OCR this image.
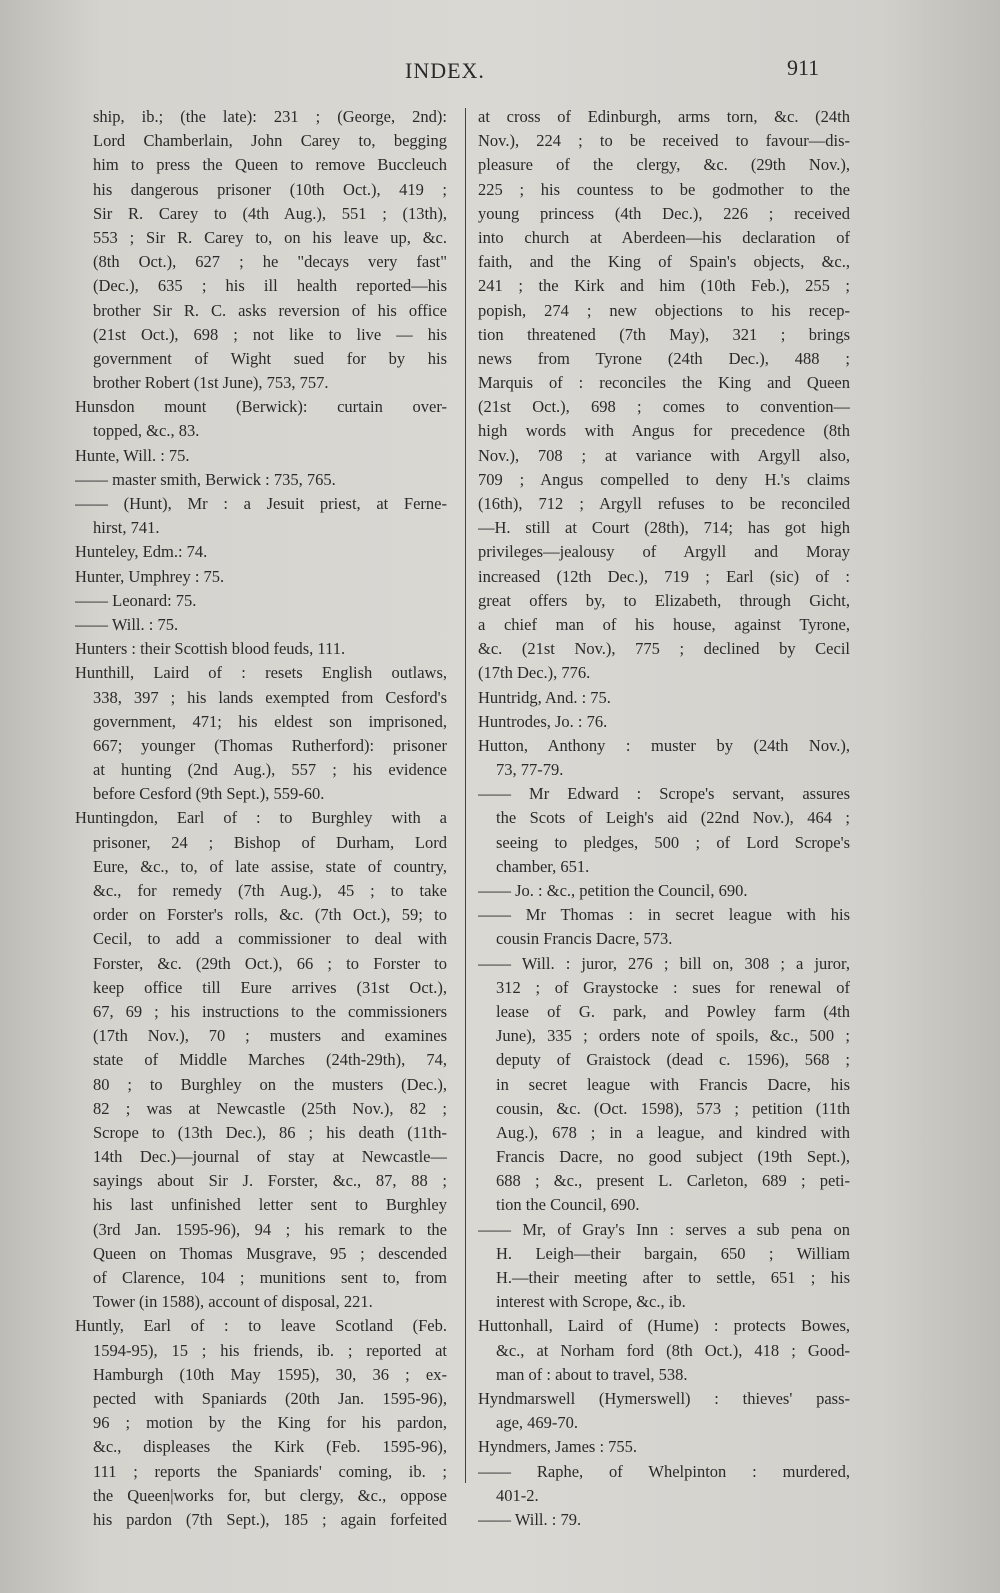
INDEX.	911
ship, ib.; (the late): 231 ; (George, 2nd):
Lord Chamberlain, John Carey to, begging
him to press the Queen to remove Buccleuch
his dangerous prisoner (10th Oct.), 419 ;
Sir R. Carey to (4th Aug.), 551 ; (13th),
553 ; Sir R. Carey to, on his leave up, &c.
(8th Oct.), 627 ; he "decays very fast"
(Dec.), 635 ; his ill health reported—his
brother Sir R. C. asks reversion of his office
(21st Oct.), 698 ; not like to live — his
government of Wight sued for by his
brother Robert (1st June), 753, 757.
Hunsdon mount (Berwick): curtain over-
topped, &c., 83.
Hunte, Will. : 75.
—— master smith, Berwick : 735, 765.
—— (Hunt), Mr : a Jesuit priest, at Ferne-
hirst, 741.
Hunteley, Edm.: 74.
Hunter, Umphrey : 75.
—— Leonard: 75.
—— Will. : 75.
Hunters : their Scottish blood feuds, 111.
Hunthill, Laird of : resets English outlaws,
338, 397 ; his lands exempted from Cesford's
government, 471; his eldest son imprisoned,
667; younger (Thomas Rutherford): prisoner
at hunting (2nd Aug.), 557 ; his evidence
before Cesford (9th Sept.), 559-60.
Huntingdon, Earl of : to Burghley with a
prisoner, 24 ; Bishop of Durham, Lord
Eure, &c., to, of late assise, state of country,
&c., for remedy (7th Aug.), 45 ; to take
order on Forster's rolls, &c. (7th Oct.), 59; to
Cecil, to add a commissioner to deal with
Forster, &c. (29th Oct.), 66 ; to Forster to
keep office till Eure arrives (31st Oct.),
67, 69 ; his instructions to the commissioners
(17th Nov.), 70 ; musters and examines
state of Middle Marches (24th-29th), 74,
80 ; to Burghley on the musters (Dec.),
82 ; was at Newcastle (25th Nov.), 82 ;
Scrope to (13th Dec.), 86 ; his death (11th-
14th Dec.)—journal of stay at Newcastle—
sayings about Sir J. Forster, &c., 87, 88 ;
his last unfinished letter sent to Burghley
(3rd Jan. 1595-96), 94 ; his remark to the
Queen on Thomas Musgrave, 95 ; descended
of Clarence, 104 ; munitions sent to, from
Tower (in 1588), account of disposal, 221.
Huntly, Earl of : to leave Scotland (Feb.
1594-95), 15 ; his friends, ib. ; reported at
Hamburgh (10th May 1595), 30, 36 ; ex-
pected with Spaniards (20th Jan. 1595-96),
96 ; motion by the King for his pardon,
&c., displeases the Kirk (Feb. 1595-96),
111 ; reports the Spaniards' coming, ib. ;
the Queen|works for, but clergy, &c., oppose
his pardon (7th Sept.), 185 ; again forfeited
at cross of Edinburgh, arms torn, &c. (24th
Nov.), 224 ; to be received to favour—dis-
pleasure of the clergy, &c. (29th Nov.),
225 ; his countess to be godmother to the
young princess (4th Dec.), 226 ; received
into church at Aberdeen—his declaration of
faith, and the King of Spain's objects, &c.,
241 ; the Kirk and him (10th Feb.), 255 ;
popish, 274 ; new objections to his recep-
tion threatened (7th May), 321 ; brings
news from Tyrone (24th Dec.), 488 ;
Marquis of : reconciles the King and Queen
(21st Oct.), 698 ; comes to convention—
high words with Angus for precedence (8th
Nov.), 708 ; at variance with Argyll also,
709 ; Angus compelled to deny H.'s claims
(16th), 712 ; Argyll refuses to be reconciled
—H. still at Court (28th), 714; has got high
privileges—jealousy of Argyll and Moray
increased (12th Dec.), 719 ; Earl (sic) of :
great offers by, to Elizabeth, through Gicht,
a chief man of his house, against Tyrone,
&c. (21st Nov.), 775 ; declined by Cecil
(17th Dec.), 776.
Huntridg, And. : 75.
Huntrodes, Jo. : 76.
Hutton, Anthony : muster by (24th Nov.),
73, 77-79.
—— Mr Edward : Scrope's servant, assures
the Scots of Leigh's aid (22nd Nov.), 464 ;
seeing to pledges, 500 ; of Lord Scrope's
chamber, 651.
—— Jo. : &c., petition the Council, 690.
—— Mr Thomas : in secret league with his
cousin Francis Dacre, 573.
—— Will. : juror, 276 ; bill on, 308 ; a juror,
312 ; of Graystocke : sues for renewal of
lease of G. park, and Powley farm (4th
June), 335 ; orders note of spoils, &c., 500 ;
deputy of Graistock (dead c. 1596), 568 ;
in secret league with Francis Dacre, his
cousin, &c. (Oct. 1598), 573 ; petition (11th
Aug.), 678 ; in a league, and kindred with
Francis Dacre, no good subject (19th Sept.),
688 ; &c., present L. Carleton, 689 ; peti-
tion the Council, 690.
—— Mr, of Gray's Inn : serves a sub pena on
H. Leigh—their bargain, 650 ; William
H.—their meeting after to settle, 651 ; his
interest with Scrope, &c., ib.
Huttonhall, Laird of (Hume) : protects Bowes,
&c., at Norham ford (8th Oct.), 418 ; Good-
man of : about to travel, 538.
Hyndmarswell (Hymerswell) : thieves' pass-
age, 469-70.
Hyndmers, James : 755.
—— Raphe, of Whelpinton : murdered,
401-2.
—— Will. : 79.
